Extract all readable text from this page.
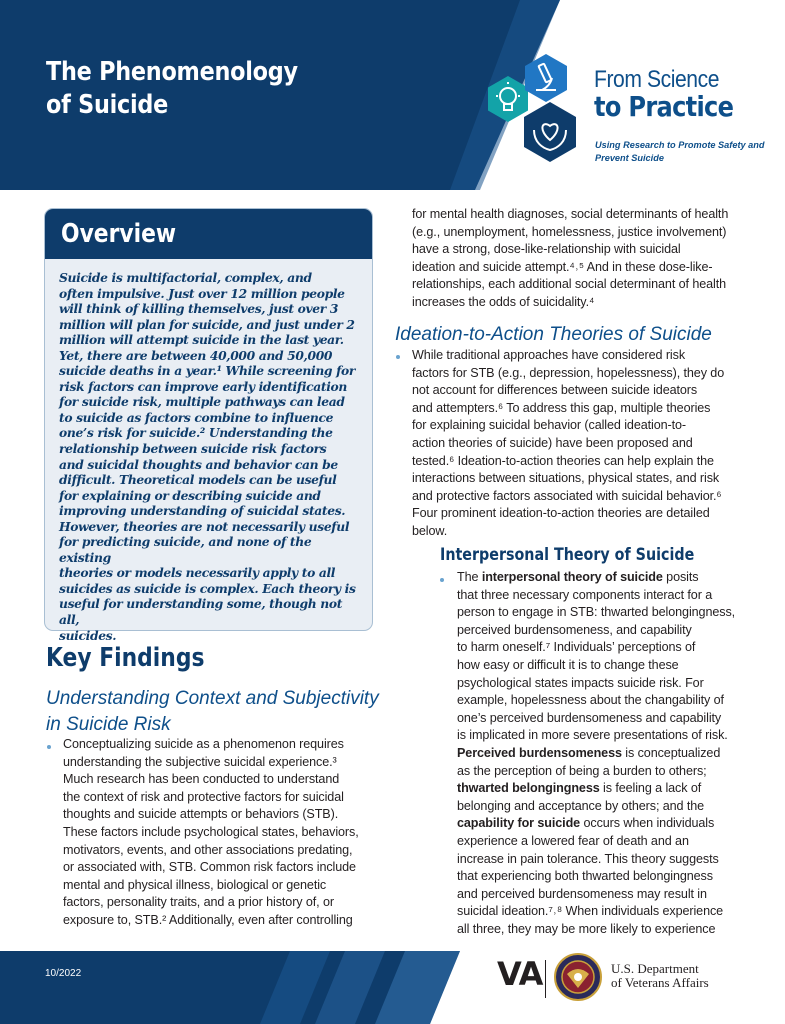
The Phenomenology of Suicide
From Science
to Practice
Using Research to Promote Safety and Prevent Suicide
Overview
Suicide is multifactorial, complex, and
often impulsive. Just over 12 million people
will think of killing themselves, just over 3
million will plan for suicide, and just under 2
million will attempt suicide in the last year.
Yet, there are between 40,000 and 50,000
suicide deaths in a year.¹ While screening for
risk factors can improve early identification
for suicide risk, multiple pathways can lead
to suicide as factors combine to influence
one’s risk for suicide.² Understanding the
relationship between suicide risk factors
and suicidal thoughts and behavior can be
difficult. Theoretical models can be useful
for explaining or describing suicide and
improving understanding of suicidal states.
However, theories are not necessarily useful
for predicting suicide, and none of the existing
theories or models necessarily apply to all
suicides as suicide is complex. Each theory is
useful for understanding some, though not all,
suicides.
Key Findings
Understanding Context and Subjectivity
in Suicide Risk
Conceptualizing suicide as a phenomenon requires
understanding the subjective suicidal experience.³
Much research has been conducted to understand
the context of risk and protective factors for suicidal
thoughts and suicide attempts or behaviors (STB).
These factors include psychological states, behaviors,
motivators, events, and other associations predating,
or associated with, STB. Common risk factors include
mental and physical illness, biological or genetic
factors, personality traits, and a prior history of, or
exposure to, STB.² Additionally, even after controlling
for mental health diagnoses, social determinants of health
(e.g., unemployment, homelessness, justice involvement)
have a strong, dose-like-relationship with suicidal
ideation and suicide attempt.⁴˒⁵ And in these dose-like-
relationships, each additional social determinant of health
increases the odds of suicidality.⁴
Ideation-to-Action Theories of Suicide
While traditional approaches have considered risk
factors for STB (e.g., depression, hopelessness), they do
not account for differences between suicide ideators
and attempters.⁶ To address this gap, multiple theories
for explaining suicidal behavior (called ideation-to-
action theories of suicide) have been proposed and
tested.⁶ Ideation-to-action theories can help explain the
interactions between situations, physical states, and risk
and protective factors associated with suicidal behavior.⁶
Four prominent ideation-to-action theories are detailed
below.
Interpersonal Theory of Suicide
The interpersonal theory of suicide posits
that three necessary components interact for a
person to engage in STB: thwarted belongingness,
perceived burdensomeness, and capability
to harm oneself.⁷ Individuals’ perceptions of
how easy or difficult it is to change these
psychological states impacts suicide risk. For
example, hopelessness about the changability of
one’s perceived burdensomeness and capability
is implicated in more severe presentations of risk.
Perceived burdensomeness is conceptualized
as the perception of being a burden to others;
thwarted belongingness is feeling a lack of
belonging and acceptance by others; and the
capability for suicide occurs when individuals
experience a lowered fear of death and an
increase in pain tolerance. This theory suggests
that experiencing both thwarted belongingness
and perceived burdensomeness may result in
suicidal ideation.⁷˒⁸ When individuals experience
all three, they may be more likely to experience
10/2022	VA	U.S. Department
of Veterans Affairs
